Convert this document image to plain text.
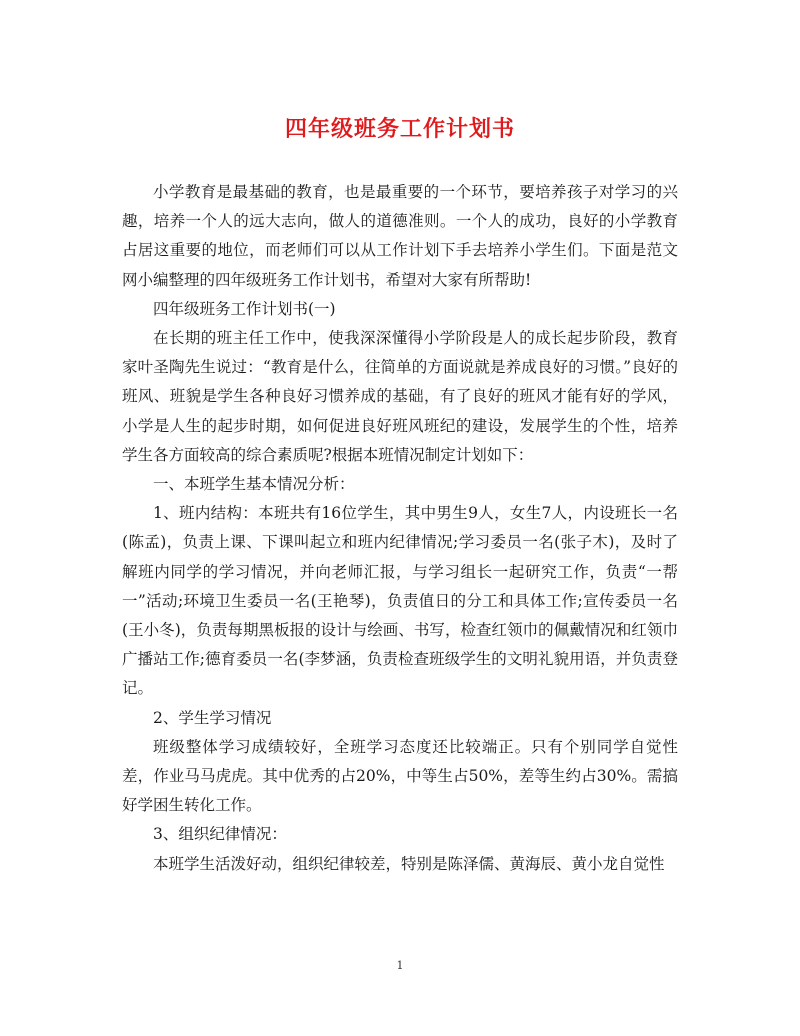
四年级班务工作计划书

小学教育是最基础的教育，也是最重要的一个环节，要培养孩子对学习的兴趣，培养一个人的远大志向，做人的道德准则。一个人的成功，良好的小学教育占居这重要的地位，而老师们可以从工作计划下手去培养小学生们。下面是范文网小编整理的四年级班务工作计划书，希望对大家有所帮助!

四年级班务工作计划书(一)

在长期的班主任工作中，使我深深懂得小学阶段是人的成长起步阶段，教育家叶圣陶先生说过：“教育是什么，往简单的方面说就是养成良好的习惯。”良好的班风、班貌是学生各种良好习惯养成的基础，有了良好的班风才能有好的学风，小学是人生的起步时期，如何促进良好班风班纪的建设，发展学生的个性，培养学生各方面较高的综合素质呢?根据本班情况制定计划如下：

一、本班学生基本情况分析：

1、班内结构：本班共有16位学生，其中男生9人，女生7人，内设班长一名(陈孟)，负责上课、下课叫起立和班内纪律情况;学习委员一名(张子木)，及时了解班内同学的学习情况，并向老师汇报，与学习组长一起研究工作，负责“一帮一”活动;环境卫生委员一名(王艳琴)，负责值日的分工和具体工作;宣传委员一名(王小冬)，负责每期黑板报的设计与绘画、书写，检查红领巾的佩戴情况和红领巾广播站工作;德育委员一名(李梦涵，负责检查班级学生的文明礼貌用语，并负责登记。

2、学生学习情况

班级整体学习成绩较好，全班学习态度还比较端正。只有个别同学自觉性差，作业马马虎虎。其中优秀的占20%，中等生占50%，差等生约占30%。需搞好学困生转化工作。

3、组织纪律情况：

本班学生活泼好动，组织纪律较差，特别是陈泽儒、黄海辰、黄小龙自觉性

1
